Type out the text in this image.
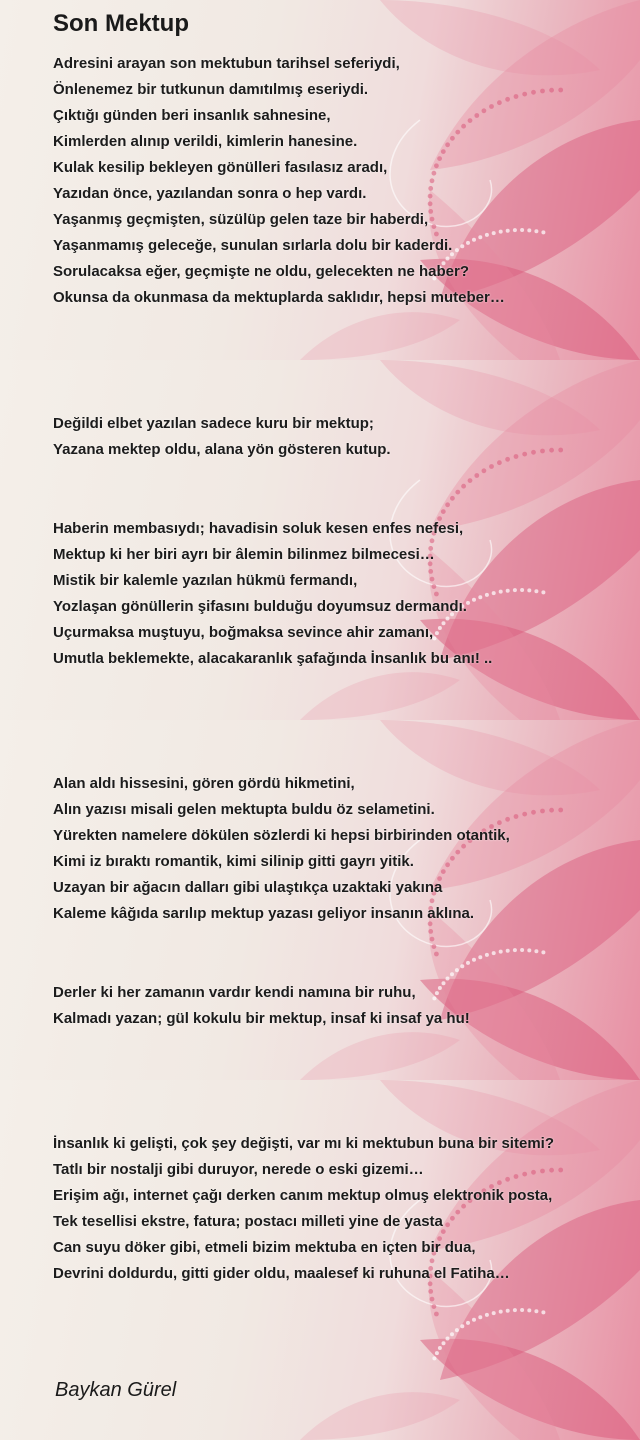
Son Mektup
Adresini arayan son mektubun tarihsel seferiydi,
Önlenemez bir tutkunun damıtılmış eseriydi.
Çıktığı günden beri insanlık sahnesine,
Kimlerden alınıp verildi, kimlerin hanesine.
Kulak kesilip bekleyen gönülleri fasılasız aradı,
Yazıdan önce, yazılandan sonra o hep vardı.
Yaşanmış geçmişten, süzülüp gelen taze bir haberdi,
Yaşanmamış geleceğe, sunulan sırlarla dolu bir kaderdi.
Sorulacaksa eğer, geçmişte ne oldu, gelecekten ne haber?
Okunsa da okunmasa da mektuplarda saklıdır, hepsi muteber…
Değildi elbet yazılan sadece kuru bir mektup;
Yazana mektep oldu, alana yön gösteren kutup.
Haberin membasıydı; havadisin soluk kesen enfes nefesi,
Mektup ki her biri ayrı bir âlemin bilinmez bilmecesi…
Mistik bir kalemle yazılan hükmü fermandı,
Yozlaşan gönüllerin şifasını bulduğu doyumsuz dermandı.
Uçurmaksa muştuyu, boğmaksa sevince ahir zamanı,
Umutla beklemekte, alacakaranlık şafağında İnsanlık bu anı! ..
Alan aldı hissesini, gören gördü hikmetini,
Alın yazısı misali gelen mektupta buldu öz selametini.
Yürekten namelere dökülen sözlerdi ki hepsi birbirinden otantik,
Kimi iz bıraktı romantik, kimi silinip gitti gayrı yitik.
Uzayan bir ağacın dalları gibi ulaştıkça uzaktaki yakına
Kaleme kâğıda sarılıp mektup yazası geliyor insanın aklına.
Derler ki her zamanın vardır kendi namına bir ruhu,
Kalmadı yazan; gül kokulu bir mektup, insaf ki insaf ya hu!
İnsanlık ki gelişti, çok şey değişti, var mı ki mektubun buna bir sitemi?
Tatlı bir nostalji gibi duruyor, nerede o eski gizemi…
Erişim ağı, internet çağı derken canım mektup olmuş elektronik posta,
Tek tesellisi ekstre, fatura; postacı milleti yine de yasta
Can suyu döker gibi, etmeli bizim mektuba en içten bir dua,
Devrini doldurdu, gitti gider oldu, maalesef ki ruhuna el Fatiha…
Baykan Gürel
